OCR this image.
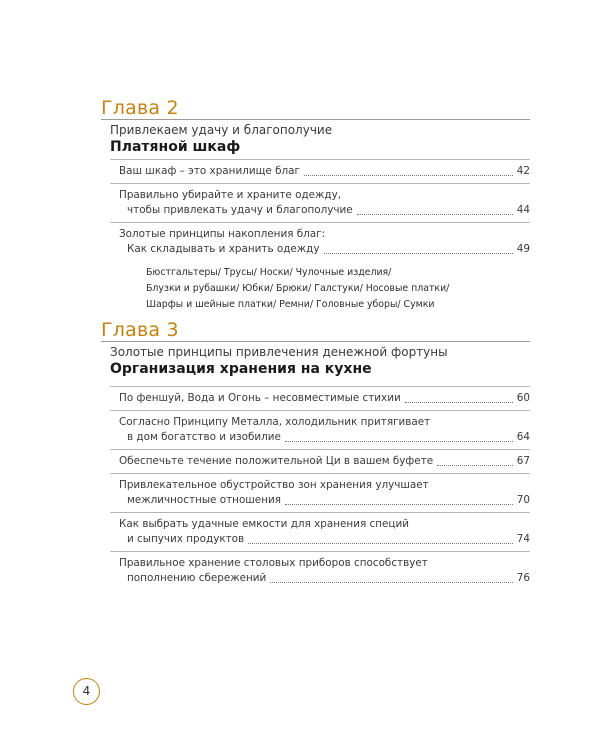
Глава 2
Привлекаем удачу и благополучие
Платяной шкаф
Ваш шкаф – это хранилище благ	42
Правильно убирайте и храните одежду,
чтобы привлекать удачу и благополучие	44
Золотые принципы накопления благ:
Как складывать и хранить одежду	49
Бюстгальтеры/ Трусы/ Носки/ Чулочные изделия/
Блузки и рубашки/ Юбки/ Брюки/ Галстуки/ Носовые платки/
Шарфы и шейные платки/ Ремни/ Головные уборы/ Сумки
Глава 3
Золотые принципы привлечения денежной фортуны
Организация хранения на кухне
По феншуй, Вода и Огонь – несовместимые стихии	60
Согласно Принципу Металла, холодильник притягивает
в дом богатство и изобилие	64
Обеспечьте течение положительной Ци в вашем буфете	67
Привлекательное обустройство зон хранения улучшает
межличностные отношения	70
Как выбрать удачные емкости для хранения специй
и сыпучих продуктов	74
Правильное хранение столовых приборов способствует
пополнению сбережений	76
4
